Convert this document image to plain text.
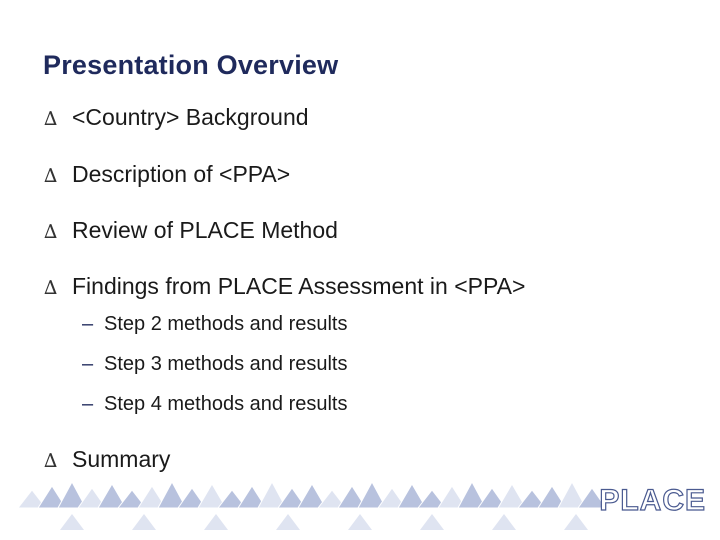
Presentation Overview
∆ <Country> Background
∆ Description of <PPA>
∆ Review of PLACE Method
∆ Findings from PLACE Assessment in <PPA>
– Step 2 methods and results
– Step 3 methods and results
– Step 4 methods and results
∆ Summary
PLACE
